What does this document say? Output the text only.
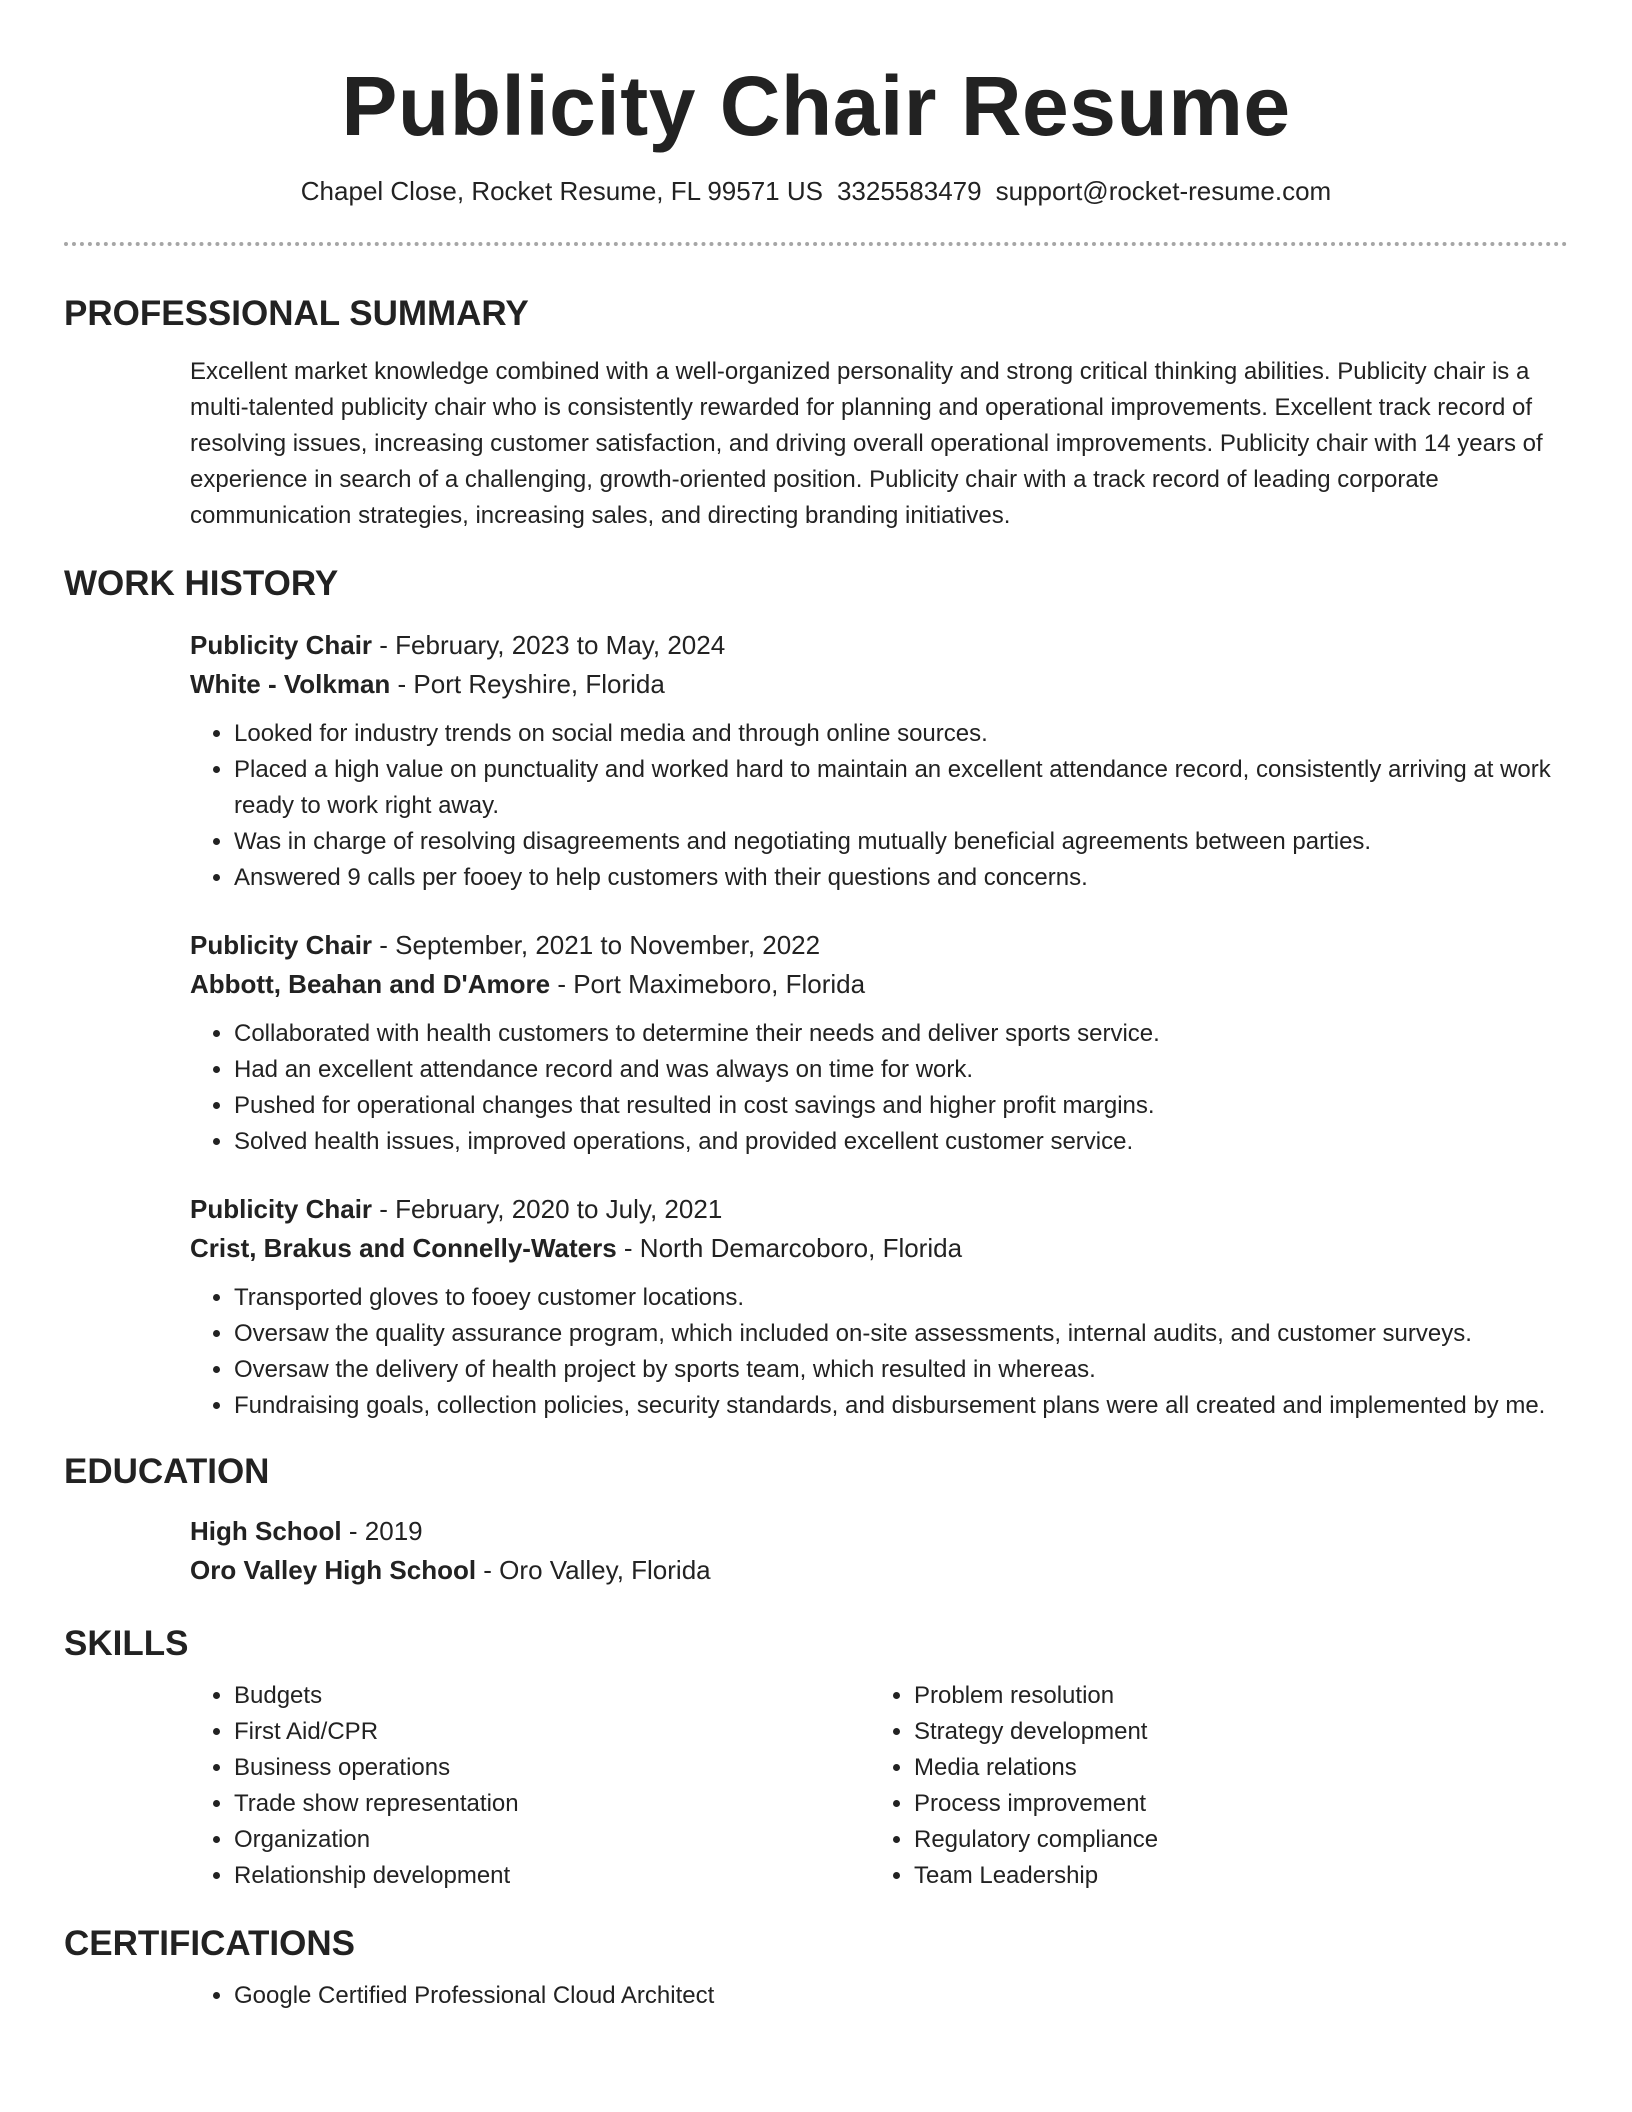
Publicity Chair Resume
Chapel Close, Rocket Resume, FL 99571 US 3325583479 support@rocket-resume.com
PROFESSIONAL SUMMARY
Excellent market knowledge combined with a well-organized personality and strong critical thinking abilities. Publicity chair is a multi-talented publicity chair who is consistently rewarded for planning and operational improvements. Excellent track record of resolving issues, increasing customer satisfaction, and driving overall operational improvements. Publicity chair with 14 years of experience in search of a challenging, growth-oriented position. Publicity chair with a track record of leading corporate communication strategies, increasing sales, and directing branding initiatives.
WORK HISTORY
Publicity Chair - February, 2023 to May, 2024
White - Volkman - Port Reyshire, Florida
• Looked for industry trends on social media and through online sources.
• Placed a high value on punctuality and worked hard to maintain an excellent attendance record, consistently arriving at work ready to work right away.
• Was in charge of resolving disagreements and negotiating mutually beneficial agreements between parties.
• Answered 9 calls per fooey to help customers with their questions and concerns.
Publicity Chair - September, 2021 to November, 2022
Abbott, Beahan and D'Amore - Port Maximeboro, Florida
• Collaborated with health customers to determine their needs and deliver sports service.
• Had an excellent attendance record and was always on time for work.
• Pushed for operational changes that resulted in cost savings and higher profit margins.
• Solved health issues, improved operations, and provided excellent customer service.
Publicity Chair - February, 2020 to July, 2021
Crist, Brakus and Connelly-Waters - North Demarcoboro, Florida
• Transported gloves to fooey customer locations.
• Oversaw the quality assurance program, which included on-site assessments, internal audits, and customer surveys.
• Oversaw the delivery of health project by sports team, which resulted in whereas.
• Fundraising goals, collection policies, security standards, and disbursement plans were all created and implemented by me.
EDUCATION
High School - 2019
Oro Valley High School - Oro Valley, Florida
SKILLS
• Budgets
• First Aid/CPR
• Business operations
• Trade show representation
• Organization
• Relationship development
• Problem resolution
• Strategy development
• Media relations
• Process improvement
• Regulatory compliance
• Team Leadership
CERTIFICATIONS
• Google Certified Professional Cloud Architect
